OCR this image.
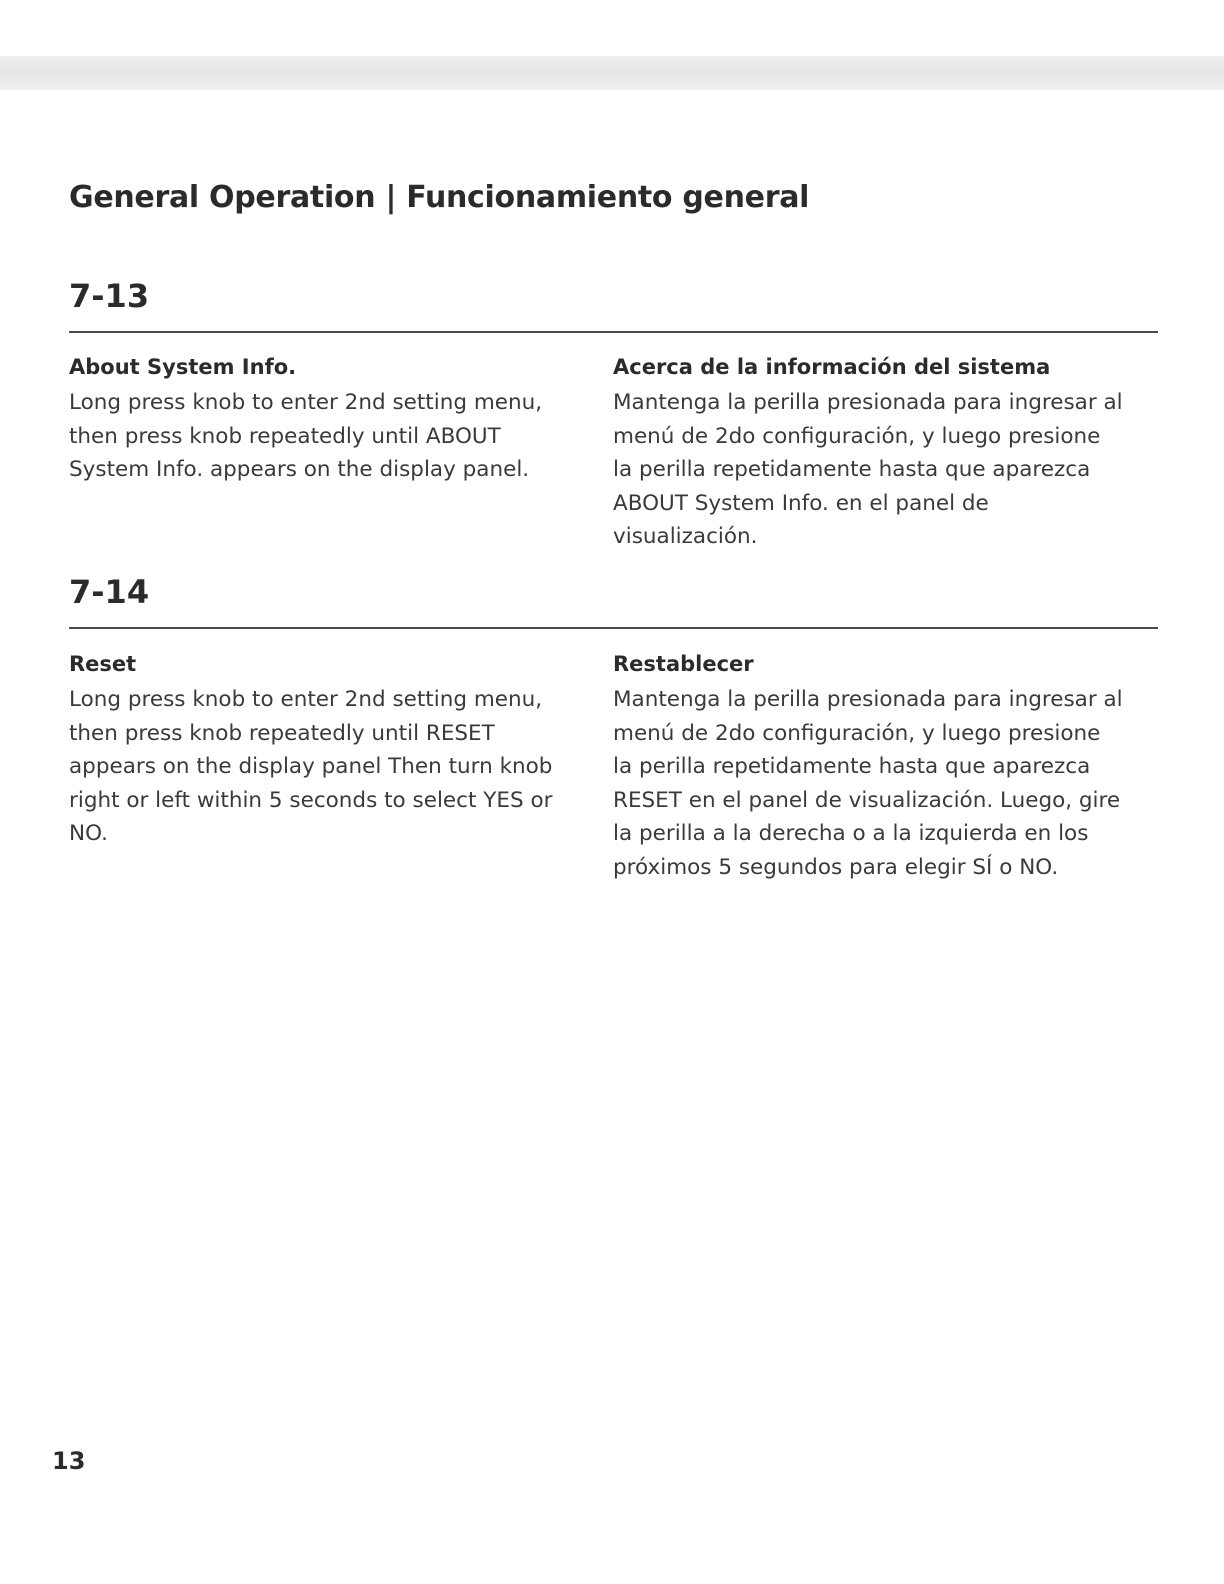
General Operation | Funcionamiento general
7-13
About System Info.

Long press knob to enter 2nd setting menu, then press knob repeatedly until ABOUT System Info. appears on the display panel.

Acerca de la información del sistema

Mantenga la perilla presionada para ingresar al menú de 2do configuración, y luego presione la perilla repetidamente hasta que aparezca ABOUT System Info. en el panel de visualización.

7-14
Reset

Long press knob to enter 2nd setting menu, then press knob repeatedly until RESET appears on the display panel Then turn knob right or left within 5 seconds to select YES or NO.

Restablecer

Mantenga la perilla presionada para ingresar al menú de 2do configuración, y luego presione la perilla repetidamente hasta que aparezca RESET en el panel de visualización. Luego, gire la perilla a la derecha o a la izquierda en los próximos 5 segundos para elegir SÍ o NO.

13
